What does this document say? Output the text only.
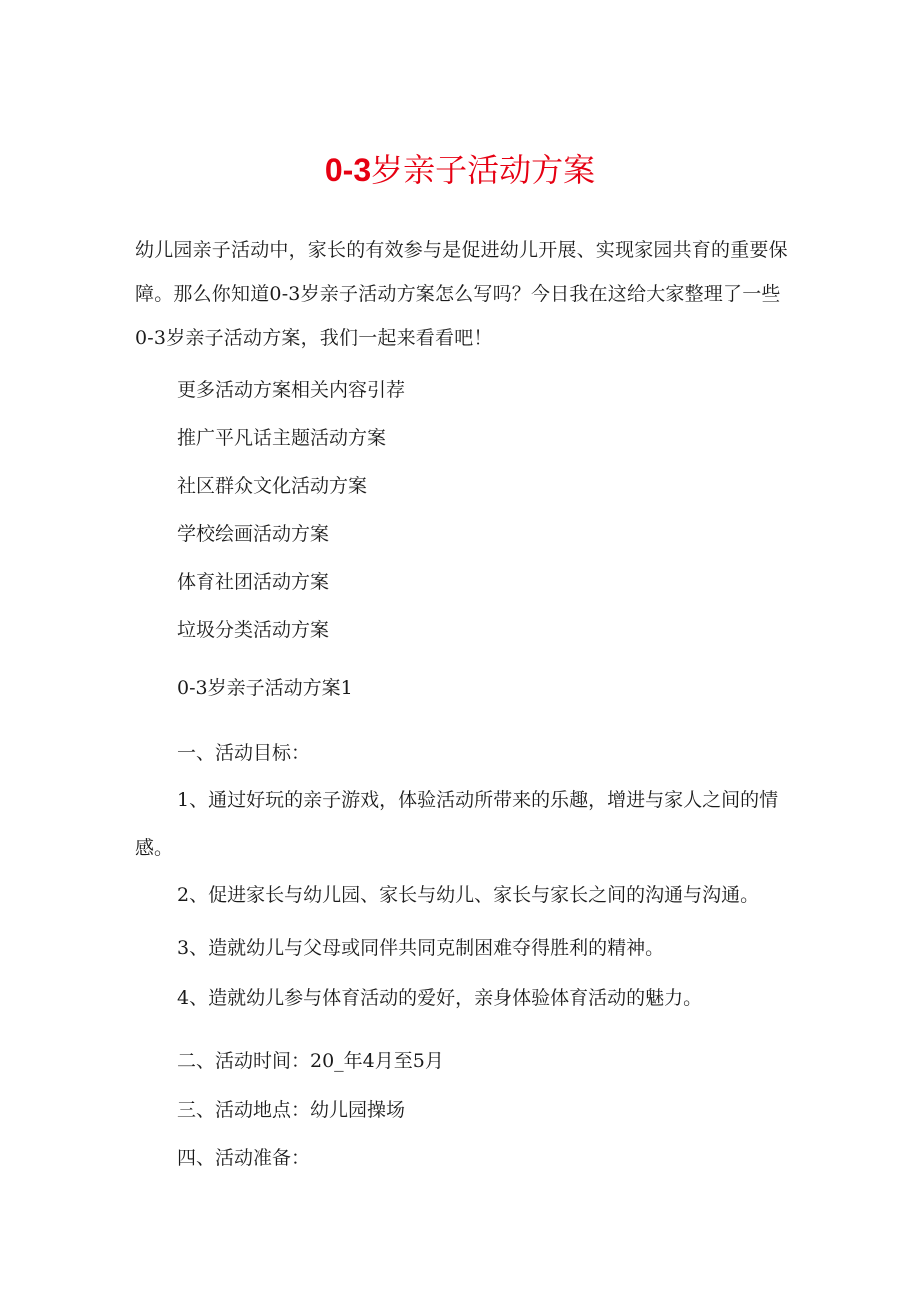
0-3岁亲子活动方案
幼儿园亲子活动中，家长的有效参与是促进幼儿开展、实现家园共育的重要保障。那么你知道0-3岁亲子活动方案怎么写吗？今日我在这给大家整理了一些0-3岁亲子活动方案，我们一起来看看吧！
更多活动方案相关内容引荐
推广平凡话主题活动方案
社区群众文化活动方案
学校绘画活动方案
体育社团活动方案
垃圾分类活动方案
0-3岁亲子活动方案1
一、活动目标：
1、通过好玩的亲子游戏，体验活动所带来的乐趣，增进与家人之间的情感。
2、促进家长与幼儿园、家长与幼儿、家长与家长之间的沟通与沟通。
3、造就幼儿与父母或同伴共同克制困难夺得胜利的精神。
4、造就幼儿参与体育活动的爱好，亲身体验体育活动的魅力。
二、活动时间：20_年4月至5月
三、活动地点：幼儿园操场
四、活动准备：
